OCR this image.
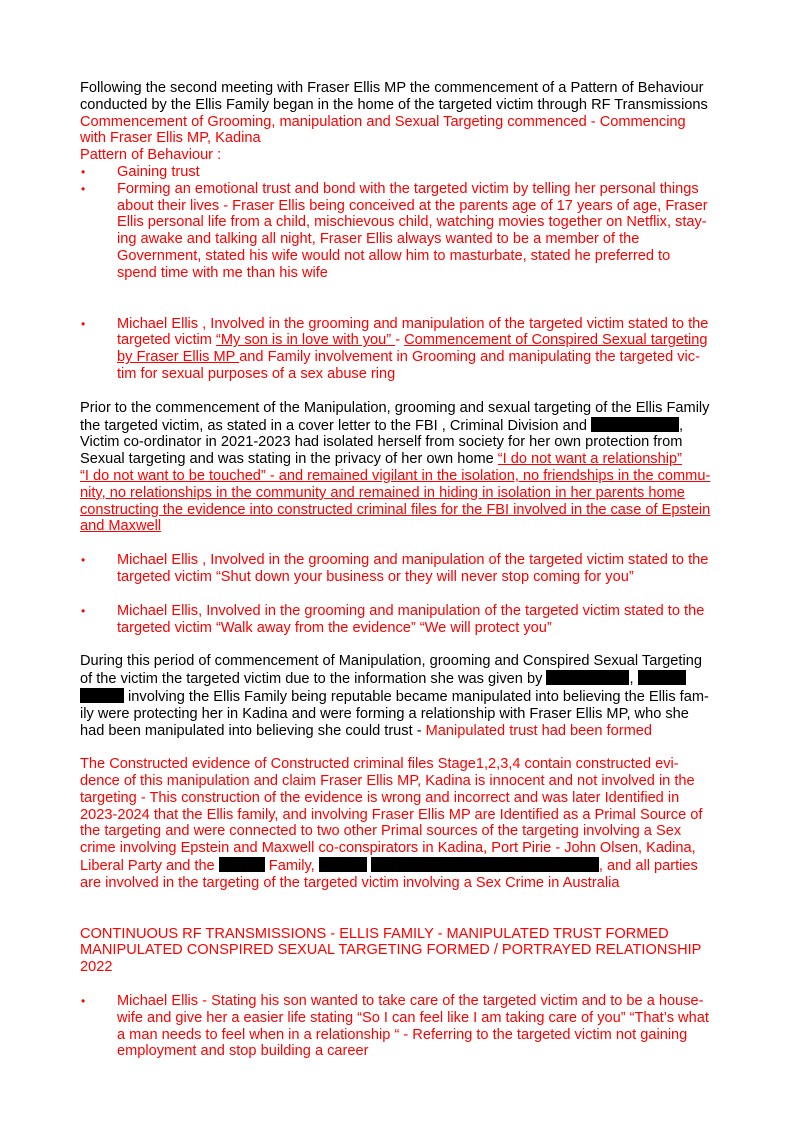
Following the second meeting with Fraser Ellis MP the commencement of a Pattern of Behaviour
conducted by the Ellis Family began in the home of the targeted victim through RF Transmissions
Commencement of Grooming, manipulation and Sexual Targeting commenced - Commencing
with Fraser Ellis MP, Kadina
Pattern of Behaviour :

• Gaining trust

• Forming an emotional trust and bond with the targeted victim by telling her personal things
about their lives - Fraser Ellis being conceived at the parents age of 17 years of age, Fraser
Ellis personal life from a child, mischievous child, watching movies together on Netflix, stay-
ing awake and talking all night, Fraser Ellis always wanted to be a member of the
Government, stated his wife would not allow him to masturbate, stated he preferred to
spend time with me than his wife

• Michael Ellis , Involved in the grooming and manipulation of the targeted victim stated to the
targeted victim “My son is in love with you” - Commencement of Conspired Sexual targeting
by Fraser Ellis MP and Family involvement in Grooming and manipulating the targeted vic-
tim for sexual purposes of a sex abuse ring

Prior to the commencement of the Manipulation, grooming and sexual targeting of the Ellis Family
the targeted victim, as stated in a cover letter to the FBI , Criminal Division and	,
Victim co-ordinator in 2021-2023 had isolated herself from society for her own protection from
Sexual targeting and was stating in the privacy of her own home “I do not want a relationship”
“I do not want to be touched” - and remained vigilant in the isolation, no friendships in the commu-
nity, no relationships in the community and remained in hiding in isolation in her parents home
constructing the evidence into constructed criminal files for the FBI involved in the case of Epstein
and Maxwell

• Michael Ellis , Involved in the grooming and manipulation of the targeted victim stated to the
targeted victim “Shut down your business or they will never stop coming for you”

• Michael Ellis, Involved in the grooming and manipulation of the targeted victim stated to the
targeted victim “Walk away from the evidence” “We will protect you”

During this period of commencement of Manipulation, grooming and Conspired Sexual Targeting
of the victim the targeted victim due to the information she was given by	,
involving the Ellis Family being reputable became manipulated into believing the Ellis fam-
ily were protecting her in Kadina and were forming a relationship with Fraser Ellis MP, who she
had been manipulated into believing she could trust - Manipulated trust had been formed

The Constructed evidence of Constructed criminal files Stage1,2,3,4 contain constructed evi-
dence of this manipulation and claim Fraser Ellis MP, Kadina is innocent and not involved in the
targeting - This construction of the evidence is wrong and incorrect and was later Identified in
2023-2024 that the Ellis family, and involving Fraser Ellis MP are Identified as a Primal Source of
the targeting and were connected to two other Primal sources of the targeting involving a Sex
crime involving Epstein and Maxwell co-conspirators in Kadina, Port Pirie - John Olsen, Kadina,
Liberal Party and the	Family,	, and all parties
are involved in the targeting of the targeted victim involving a Sex Crime in Australia

CONTINUOUS RF TRANSMISSIONS - ELLIS FAMILY - MANIPULATED TRUST FORMED
MANIPULATED CONSPIRED SEXUAL TARGETING FORMED / PORTRAYED RELATIONSHIP
2022

• Michael Ellis - Stating his son wanted to take care of the targeted victim and to be a house-
wife and give her a easier life stating “So I can feel like I am taking care of you” “That’s what
a man needs to feel when in a relationship “ - Referring to the targeted victim not gaining
employment and stop building a career
